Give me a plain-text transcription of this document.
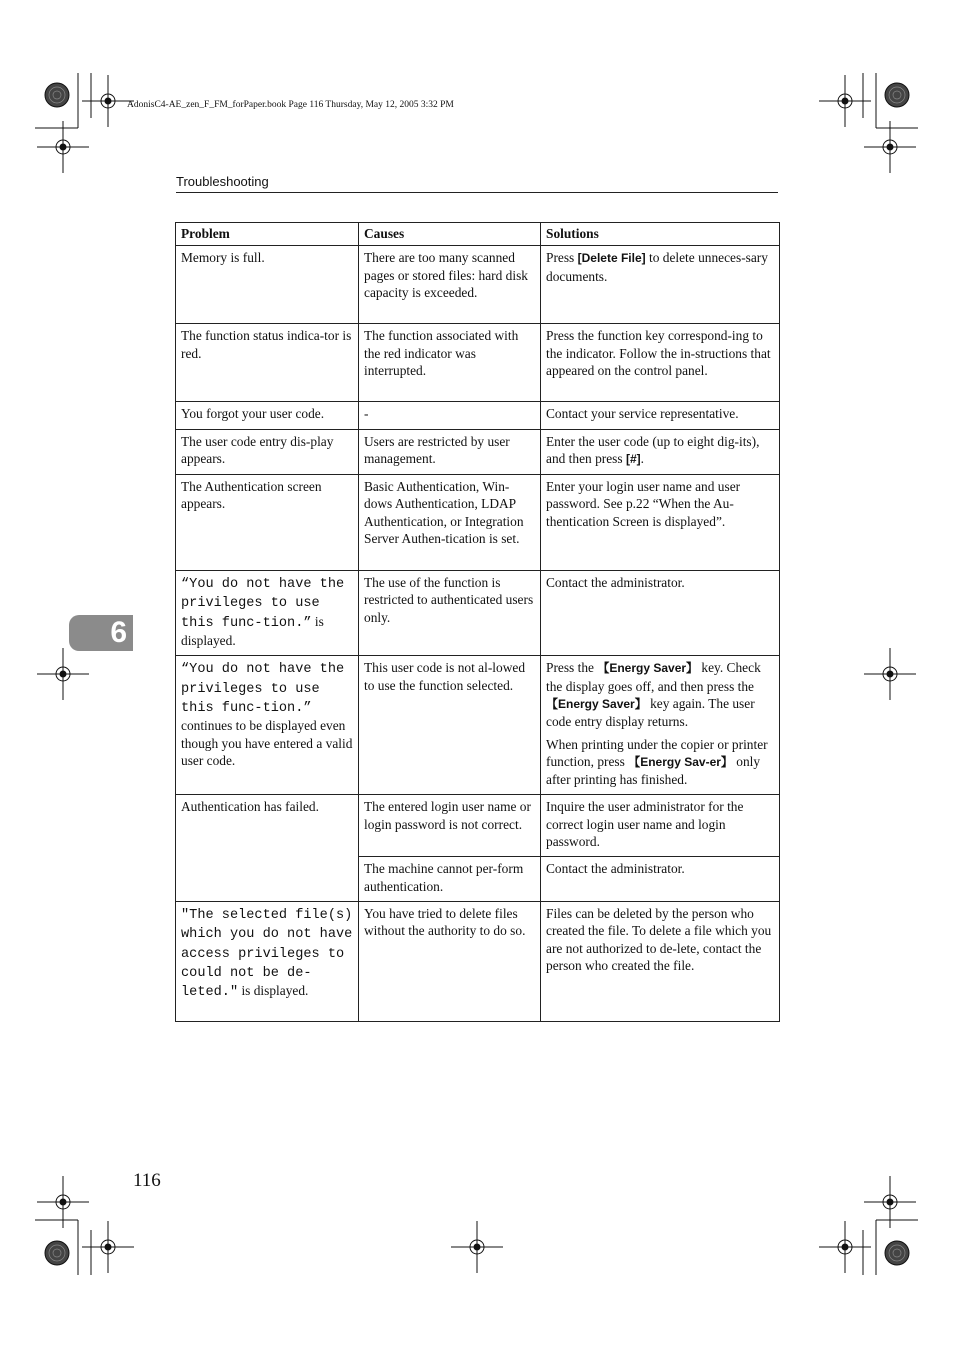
AdonisC4-AE_zen_F_FM_forPaper.book Page 116 Thursday, May 12, 2005 3:32 PM
Troubleshooting
6
Problem	Causes	Solutions
Memory is full.	There are too many scanned pages or stored files: hard disk capacity is exceeded.	Press [Delete File] to delete unneces-sary documents.
The function status indica-tor is red.	The function associated with the red indicator was interrupted.	Press the function key correspond-ing to the indicator. Follow the in-structions that appeared on the control panel.
You forgot your user code.	-	Contact your service representative.
The user code entry dis-play appears.	Users are restricted by user management.	Enter the user code (up to eight dig-its), and then press [#].
The Authentication screen appears.	Basic Authentication, Win-dows Authentication, LDAP Authentication, or Integration Server Authen-tication is set.	Enter your login user name and user password. See p.22 “When the Au-thentication Screen is displayed”.
“You do not have the privileges to use this func-tion.” is displayed.	The use of the function is restricted to authenticated users only.	Contact the administrator.
“You do not have the privileges to use this func-tion.” continues to be displayed even though you have entered a valid user code.	This user code is not al-lowed to use the function selected.	Press the 【Energy Saver】 key. Check the display goes off, and then press the 【Energy Saver】 key again. The user code entry display returns.

When printing under the copier or printer function, press 【Energy Sav-er】 only after printing has finished.

Authentication has failed.	The entered login user name or login password is not correct.	Inquire the user administrator for the correct login user name and login password.
	The machine cannot per-form authentication.	Contact the administrator.
"The selected file(s) which you do not have access privileges to could not be de-leted." is displayed.	You have tried to delete files without the authority to do so.	Files can be deleted by the person who created the file. To delete a file which you are not authorized to de-lete, contact the person who created the file.
116
